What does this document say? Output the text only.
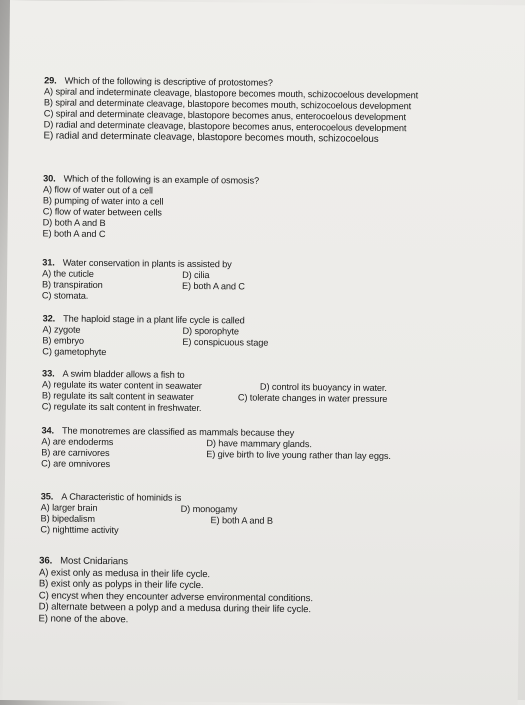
29. Which of the following is descriptive of protostomes?
A) spiral and indeterminate cleavage, blastopore becomes mouth, schizocoelous development
B) spiral and determinate cleavage, blastopore becomes mouth, schizocoelous development
C) spiral and determinate cleavage, blastopore becomes anus, enterocoelous development
D) radial and determinate cleavage, blastopore becomes anus, enterocoelous development
E) radial and determinate cleavage, blastopore becomes mouth, schizocoelous
30. Which of the following is an example of osmosis?
A) flow of water out of a cell
B) pumping of water into a cell
C) flow of water between cells
D) both A and B
E) both A and C
31. Water conservation in plants is assisted by
A) the cuticle	D) cilia
B) transpiration	E) both A and C
C) stomata.
32. The haploid stage in a plant life cycle is called
A) zygote	D) sporophyte
B) embryo	E) conspicuous stage
C) gametophyte
33. A swim bladder allows a fish to
A) regulate its water content in seawater	D) control its buoyancy in water.
B) regulate its salt content in seawater	C) tolerate changes in water pressure
C) regulate its salt content in freshwater.
34. The monotremes are classified as mammals because they
A) are endoderms	D) have mammary glands.
B) are carnivores	E) give birth to live young rather than lay eggs.
C) are omnivores
35. A Characteristic of hominids is
A) larger brain	D) monogamy
B) bipedalism	E) both A and B
C) nighttime activity
36. Most Cnidarians
A) exist only as medusa in their life cycle.
B) exist only as polyps in their life cycle.
C) encyst when they encounter adverse environmental conditions.
D) alternate between a polyp and a medusa during their life cycle.
E) none of the above.
